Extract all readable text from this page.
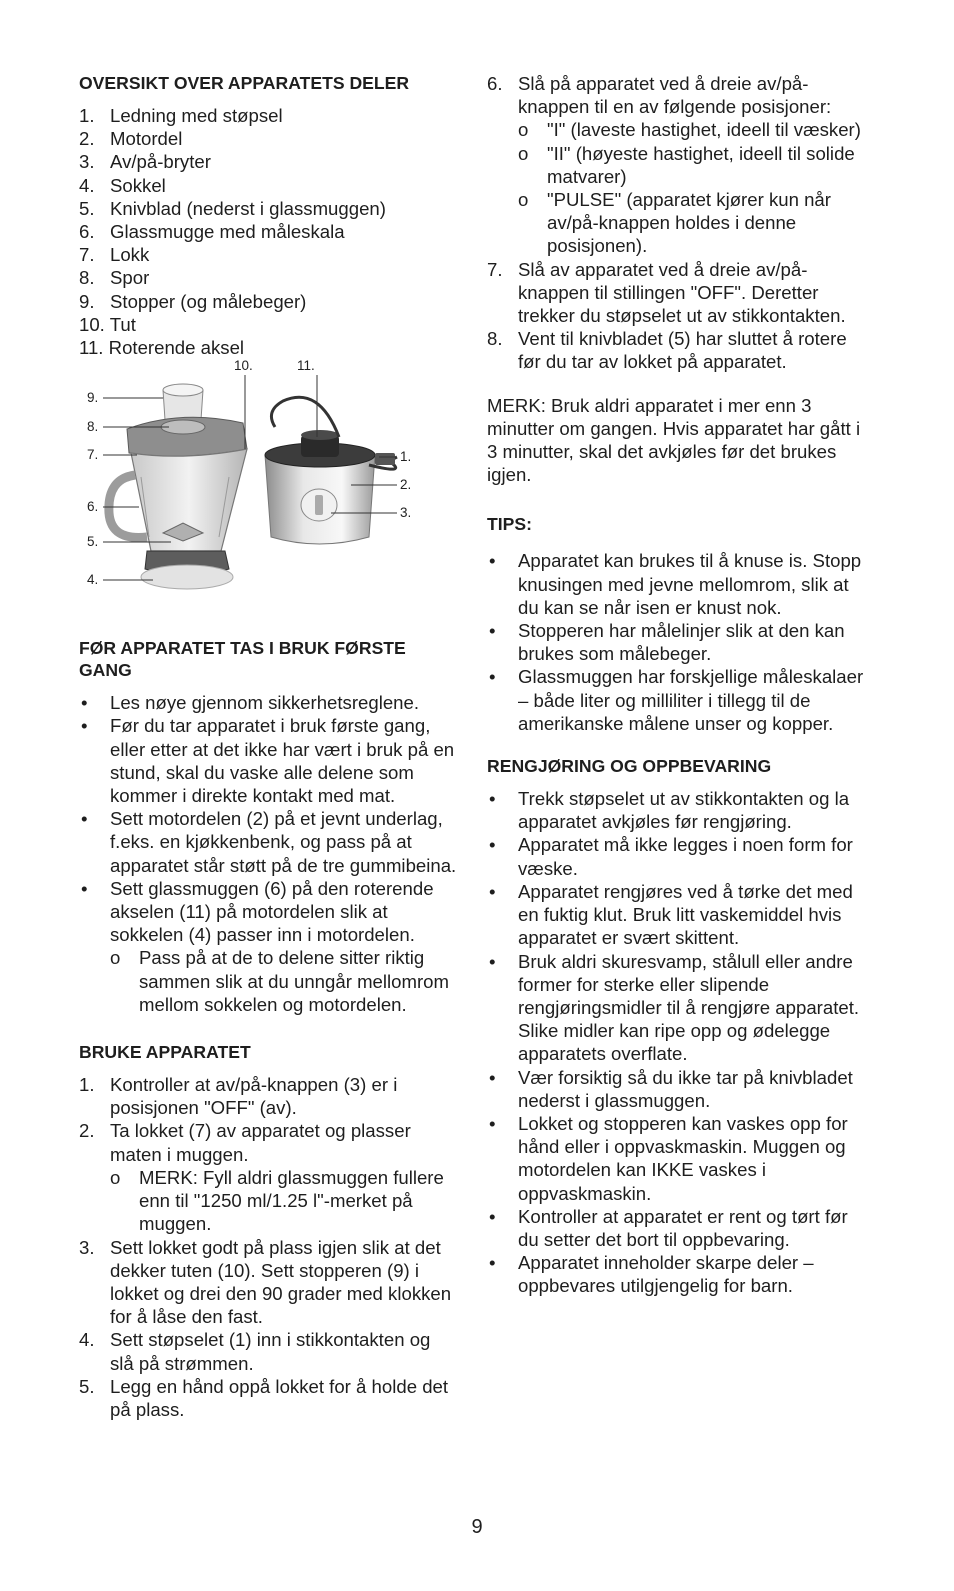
OVERSIKT OVER APPARATETS DELER
1. Ledning med støpsel
2. Motordel
3. Av/på-bryter
4. Sokkel
5. Knivblad (nederst i glassmuggen)
6. Glassmugge med måleskala
7. Lokk
8. Spor
9. Stopper (og målebeger)
10. Tut
11. Roterende aksel
9.
8.
7.
6.
5.
4.
10.	11.
1.
2.
3.
FØR APPARATET TAS I BRUK FØRSTE GANG
• Les nøye gjennom sikkerhetsreglene.
• Før du tar apparatet i bruk første gang, eller etter at det ikke har vært i bruk på en stund, skal du vaske alle delene som kommer i direkte kontakt med mat.
• Sett motordelen (2) på et jevnt underlag, f.eks. en kjøkkenbenk, og pass på at apparatet står støtt på de tre gummibeina.
• Sett glassmuggen (6) på den roterende akselen (11) på motordelen slik at sokkelen (4) passer inn i motordelen.
o Pass på at de to delene sitter riktig sammen slik at du unngår mellomrom mellom sokkelen og motordelen.
BRUKE APPARATET
1. Kontroller at av/på-knappen (3) er i posisjonen "OFF" (av).
2. Ta lokket (7) av apparatet og plasser maten i muggen.
o MERK: Fyll aldri glassmuggen fullere enn til "1250 ml/1.25 l"-merket på muggen.
3. Sett lokket godt på plass igjen slik at det dekker tuten (10). Sett stopperen (9) i lokket og drei den 90 grader med klokken for å låse den fast.
4. Sett støpselet (1) inn i stikkontakten og slå på strømmen.
5. Legg en hånd oppå lokket for å holde det på plass.
6. Slå på apparatet ved å dreie av/på-knappen til en av følgende posisjoner:
o "I" (laveste hastighet, ideell til væsker)
o "II" (høyeste hastighet, ideell til solide matvarer)
o "PULSE" (apparatet kjører kun når av/på-knappen holdes i denne posisjonen).
7. Slå av apparatet ved å dreie av/på-knappen til stillingen "OFF". Deretter trekker du støpselet ut av stikkontakten.
8. Vent til knivbladet (5) har sluttet å rotere før du tar av lokket på apparatet.

MERK: Bruk aldri apparatet i mer enn 3 minutter om gangen. Hvis apparatet har gått i 3 minutter, skal det avkjøles før det brukes igjen.

TIPS:
• Apparatet kan brukes til å knuse is. Stopp knusingen med jevne mellomrom, slik at du kan se når isen er knust nok.
• Stopperen har målelinjer slik at den kan brukes som målebeger.
• Glassmuggen har forskjellige måleskalaer – både liter og milliliter i tillegg til de amerikanske målene unser og kopper.
RENGJØRING OG OPPBEVARING
• Trekk støpselet ut av stikkontakten og la apparatet avkjøles før rengjøring.
• Apparatet må ikke legges i noen form for væske.
• Apparatet rengjøres ved å tørke det med en fuktig klut. Bruk litt vaskemiddel hvis apparatet er svært skittent.
• Bruk aldri skuresvamp, stålull eller andre former for sterke eller slipende rengjøringsmidler til å rengjøre apparatet. Slike midler kan ripe opp og ødelegge apparatets overflate.
• Vær forsiktig så du ikke tar på knivbladet nederst i glassmuggen.
• Lokket og stopperen kan vaskes opp for hånd eller i oppvaskmaskin. Muggen og motordelen kan IKKE vaskes i oppvaskmaskin.
• Kontroller at apparatet er rent og tørt før du setter det bort til oppbevaring.
• Apparatet inneholder skarpe deler – oppbevares utilgjengelig for barn.
9
